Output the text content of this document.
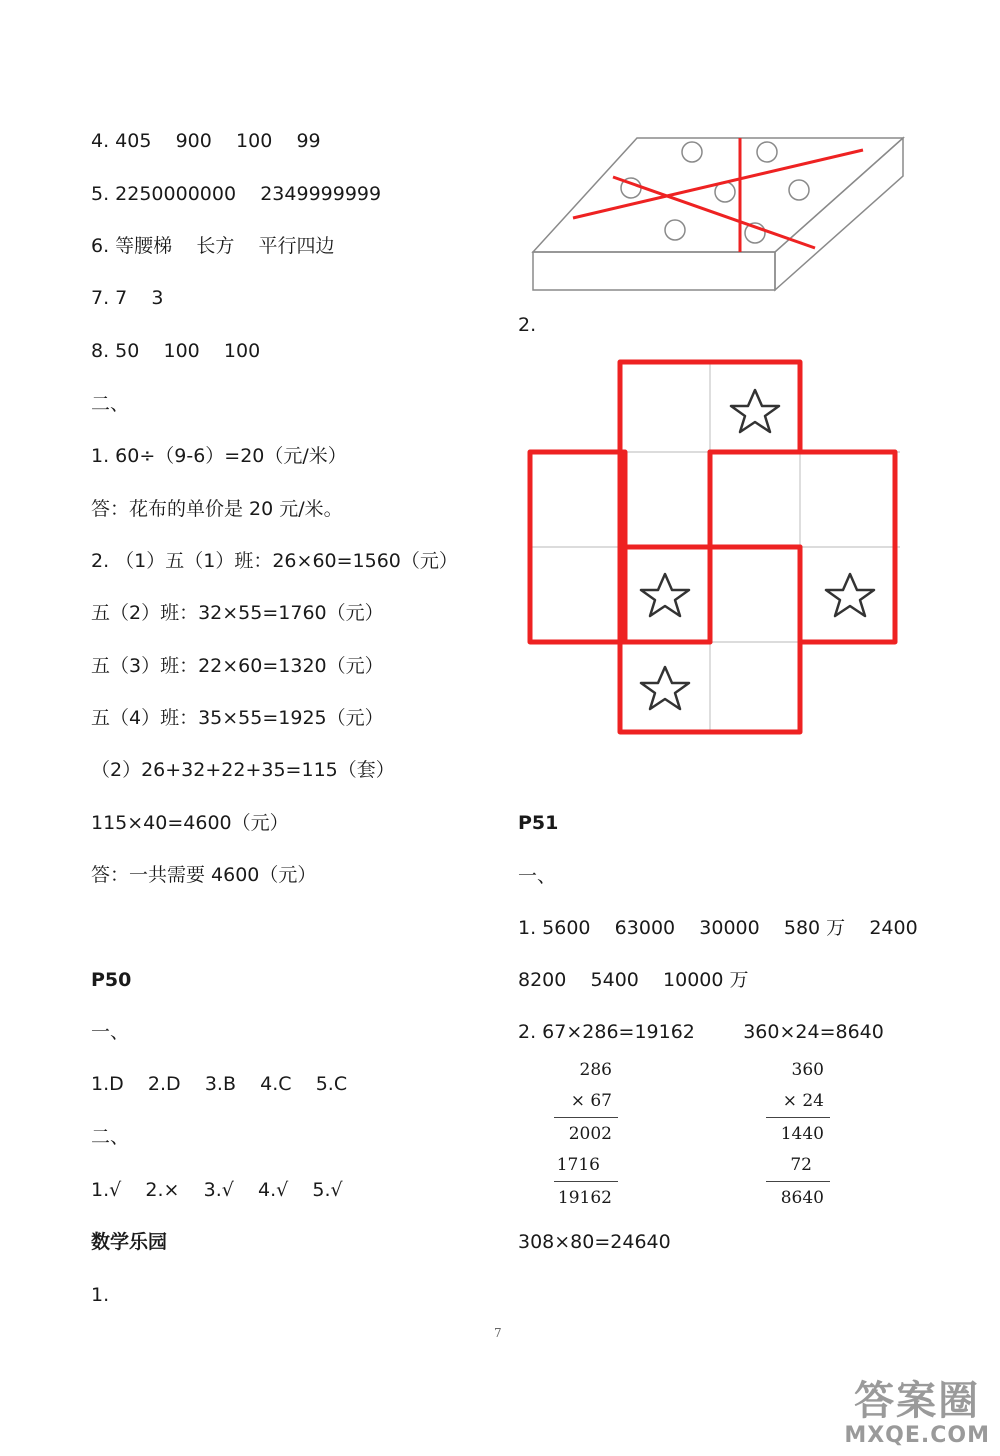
4. 405    900    100    99
5. 2250000000    2349999999
6. 等腰梯    长方    平行四边
7. 7    3
8. 50    100    100
二、
1. 60÷（9-6）=20（元/米）
答：花布的单价是 20 元/米。
2. （1）五（1）班：26×60=1560（元）
五（2）班：32×55=1760（元）
五（3）班：22×60=1320（元）
五（4）班：35×55=1925（元）
（2）26+32+22+35=115（套）
115×40=4600（元）
答：一共需要 4600（元）
P50
一、
1.D    2.D    3.B    4.C    5.C
二、
1.√    2.×    3.√    4.√    5.√
数学乐园
1.
2.
P51
一、
1. 5600    63000    30000    580 万    2400
8200    5400    10000 万
2. 67×286=19162        360×24=8640
286
× 67
2002
1716
19162
360
× 24
1440
72
8640
308×80=24640
7
答案圈
MXQE.COM
